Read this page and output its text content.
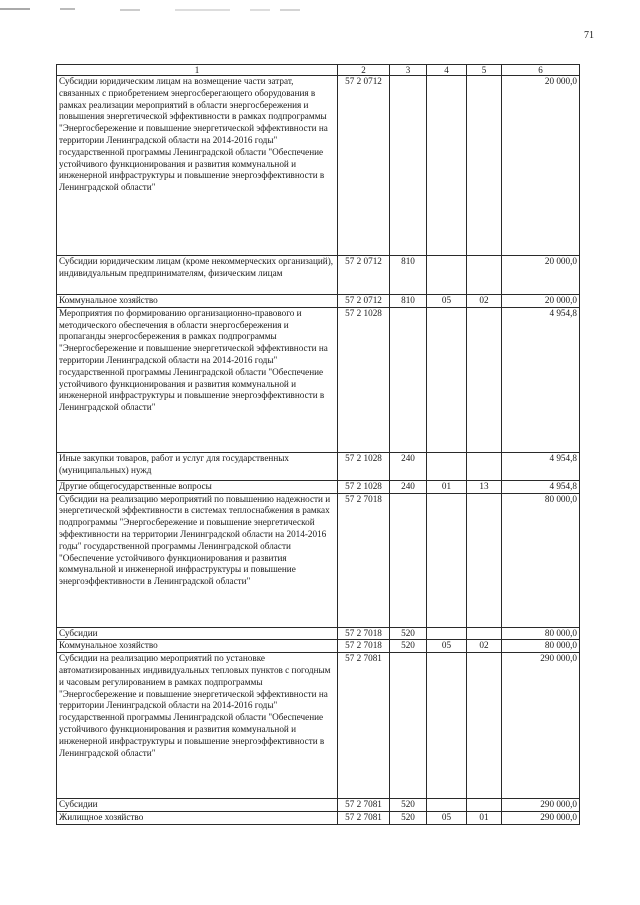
71
1	2	3	4	5	6
Субсидии юридическим лицам на возмещение части затрат, связанных с приобретением энергосберегающего оборудования в рамках реализации мероприятий в области энергосбережения и повышения энергетической эффективности в рамках подпрограммы "Энергосбережение и повышение энергетической эффективности на территории Ленинградской области на 2014-2016 годы" государственной программы Ленинградской области "Обеспечение устойчивого функционирования и развития коммунальной и инженерной инфраструктуры и повышение энергоэффективности в Ленинградской области"	57 2 0712				20 000,0
Субсидии юридическим лицам (кроме некоммерческих организаций), индивидуальным предпринимателям, физическим лицам	57 2 0712	810			20 000,0
Коммунальное хозяйство	57 2 0712	810	05	02	20 000,0
Мероприятия по формированию организационно-правового и методического обеспечения в области энергосбережения и пропаганды энергосбережения в рамках подпрограммы "Энергосбережение и повышение энергетической эффективности на территории Ленинградской области на 2014-2016 годы" государственной программы Ленинградской области "Обеспечение устойчивого функционирования и развития коммунальной и инженерной инфраструктуры и повышение энергоэффективности в Ленинградской области"	57 2 1028				4 954,8
Иные закупки товаров, работ и услуг для государственных (муниципальных) нужд	57 2 1028	240			4 954,8
Другие общегосударственные вопросы	57 2 1028	240	01	13	4 954,8
Субсидии на реализацию мероприятий по повышению надежности и энергетической эффективности в системах теплоснабжения в рамках подпрограммы "Энергосбережение и повышение энергетической эффективности на территории Ленинградской области на 2014-2016 годы" государственной программы Ленинградской области "Обеспечение устойчивого функционирования и развития коммунальной и инженерной инфраструктуры и повышение энергоэффективности в Ленинградской области"	57 2 7018				80 000,0
Субсидии	57 2 7018	520			80 000,0
Коммунальное хозяйство	57 2 7018	520	05	02	80 000,0
Субсидии на реализацию мероприятий по установке автоматизированных индивидуальных тепловых пунктов с погодным и часовым регулированием в рамках подпрограммы "Энергосбережение и повышение энергетической эффективности на территории Ленинградской области на 2014-2016 годы" государственной программы Ленинградской области "Обеспечение устойчивого функционирования и развития коммунальной и инженерной инфраструктуры и повышение энергоэффективности в Ленинградской области"	57 2 7081				290 000,0
Субсидии	57 2 7081	520			290 000,0
Жилищное хозяйство	57 2 7081	520	05	01	290 000,0
